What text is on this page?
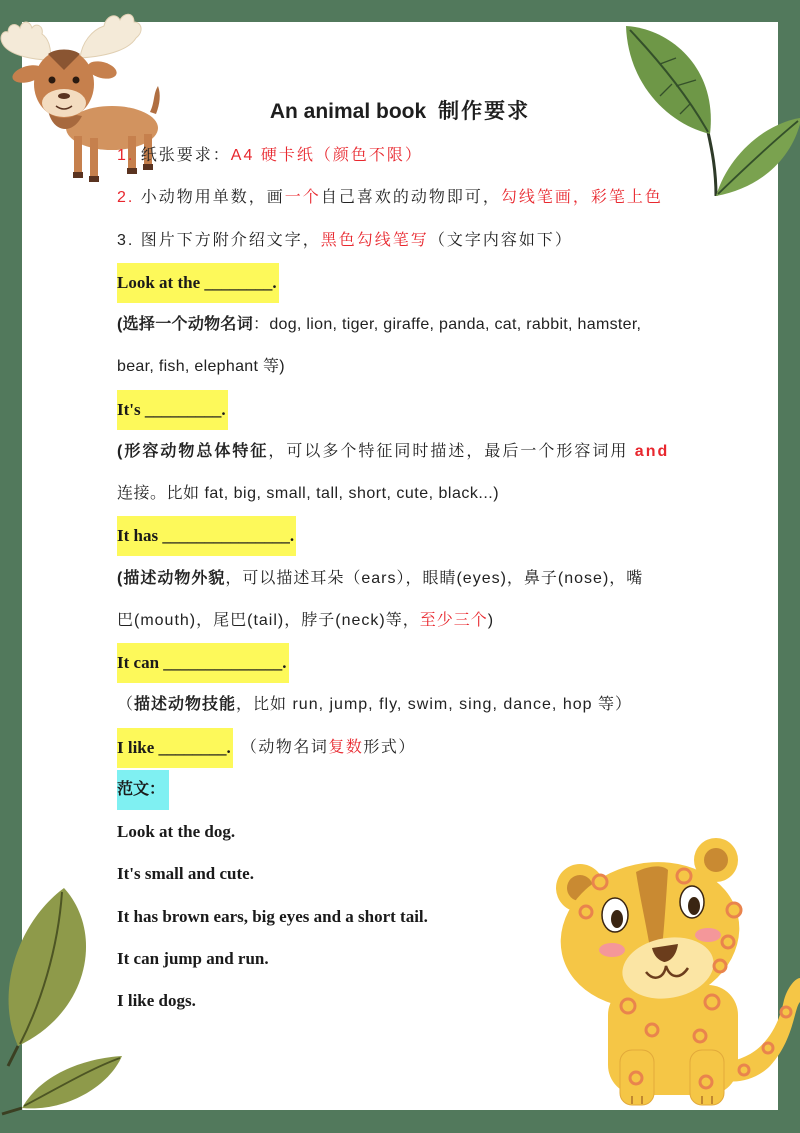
An animal book 制作要求
1. 纸张要求：A4 硬卡纸（颜色不限）
2. 小动物用单数，画一个自己喜欢的动物即可，勾线笔画，彩笔上色
3. 图片下方附介绍文字，黑色勾线笔写（文字内容如下）
Look at the ________.
(选择一个动物名词：dog, lion, tiger, giraffe, panda, cat, rabbit, hamster,
bear, fish, elephant 等)
It's _________.
(形容动物总体特征，可以多个特征同时描述，最后一个形容词用 and
连接。比如 fat, big, small, tall, short, cute, black...)
It has _______________.
(描述动物外貌，可以描述耳朵（ears），眼睛(eyes)，鼻子(nose)，嘴
巴(mouth)，尾巴(tail)，脖子(neck)等，至少三个)
It can ______________.
（描述动物技能，比如 run, jump, fly, swim, sing, dance, hop 等）
I like ________. （动物名词复数形式）
范文：
Look at the dog.
It's small and cute.
It has brown ears, big eyes and a short tail.
It can jump and run.
I like dogs.
